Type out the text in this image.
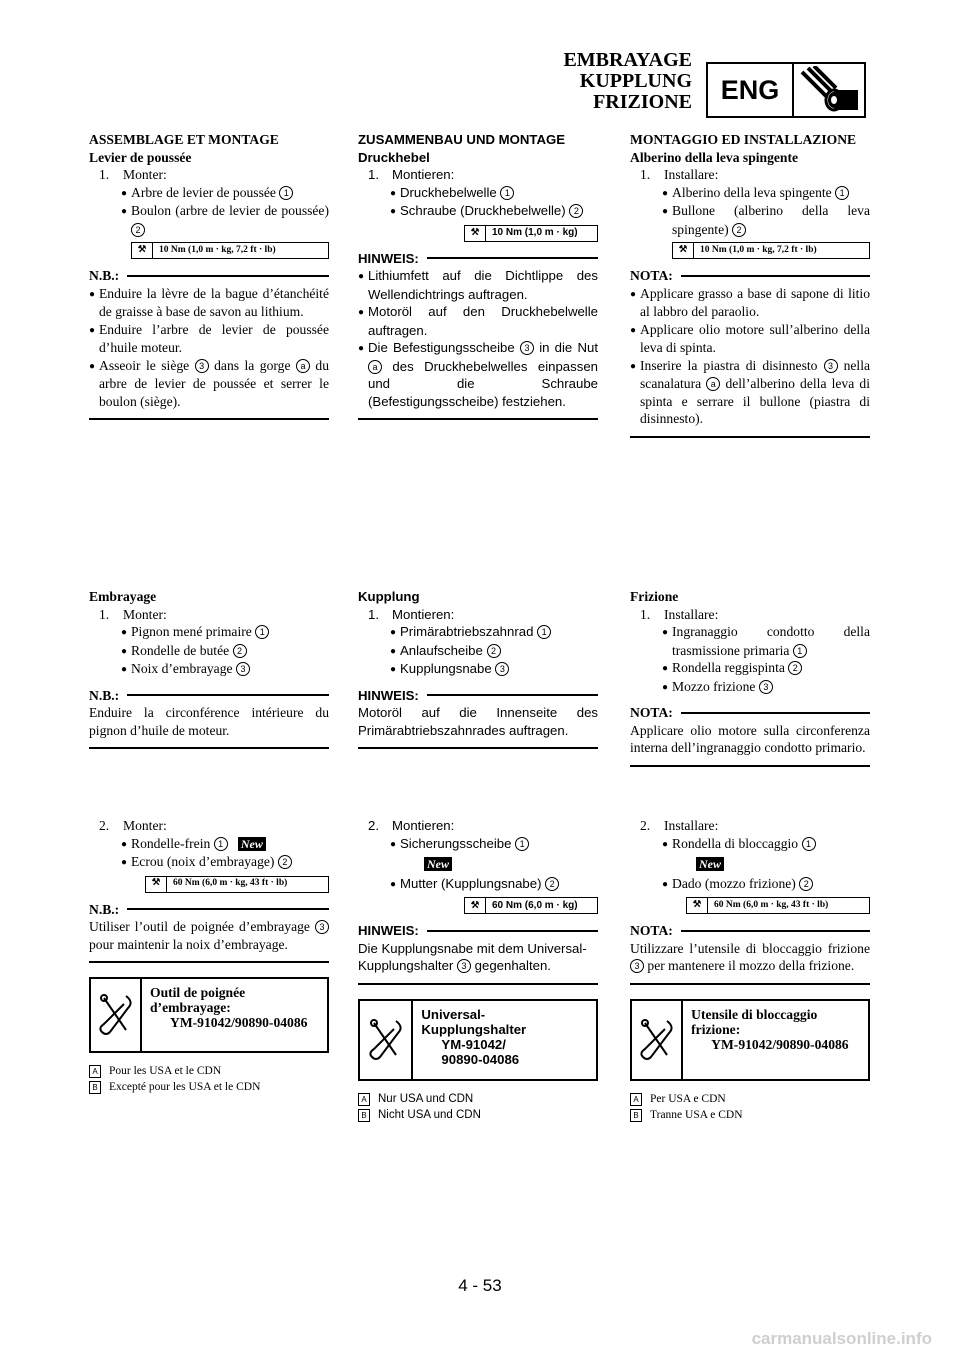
EMBRAYAGE
KUPPLUNG
FRIZIONE	ENG
ASSEMBLAGE ET MONTAGE
Levier de poussée
1. Monter:
● Arbre de levier de poussée 1
● Boulon (arbre de levier de poussée) 2
⚒	10 Nm (1,0 m · kg, 7,2 ft · lb)
N.B.:
● Enduire la lèvre de la bague d’étanchéité de graisse à base de savon au lithium.
● Enduire l’arbre de levier de poussée d’huile moteur.
● Asseoir le siège 3 dans la gorge a du arbre de levier de poussée et serrer le boulon (siège).
Embrayage
1. Monter:
● Pignon mené primaire 1
● Rondelle de butée 2
● Noix d’embrayage 3
N.B.:
Enduire la circonférence intérieure du pignon d’huile de moteur.
2. Monter:
● Rondelle-frein 1 New
● Ecrou (noix d’embrayage) 2
⚒	60 Nm (6,0 m · kg, 43 ft · lb)
N.B.:
Utiliser l’outil de poignée d’embrayage 3 pour maintenir la noix d’embrayage.
Outil de poignée d’embrayage:
YM-91042/90890-04086
A Pour les USA et le CDN
B Excepté pour les USA et le CDN
ZUSAMMENBAU UND MONTAGE
Druckhebel
1. Montieren:
● Druckhebelwelle 1
● Schraube (Druckhebelwelle) 2
⚒	10 Nm (1,0 m · kg)
HINWEIS:
● Lithiumfett auf die Dichtlippe des Wellendichtrings auftragen.
● Motoröl auf den Druckhebelwelle auftragen.
● Die Befestigungsscheibe 3 in die Nut a des Druckhebelwelles einpassen und die Schraube (Befestigungsscheibe) festziehen.
Kupplung
1. Montieren:
● Primärabtriebszahnrad 1
● Anlaufscheibe 2
● Kupplungsnabe 3
HINWEIS:
Motoröl auf die Innenseite des Primärabtriebszahnrades auftragen.
2. Montieren:
● Sicherungsscheibe 1
New
● Mutter (Kupplungsnabe) 2
⚒	60 Nm (6,0 m · kg)
HINWEIS:
Die Kupplungsnabe mit dem Universal-Kupplungshalter 3 gegenhalten.
Universal-Kupplungshalter
YM-91042/
90890-04086
A Nur USA und CDN
B Nicht USA und CDN
MONTAGGIO ED INSTALLAZIONE
Alberino della leva spingente
1. Installare:
● Alberino della leva spingente 1
● Bullone (alberino della leva spingente) 2
⚒	10 Nm (1,0 m · kg, 7,2 ft · lb)
NOTA:
● Applicare grasso a base di sapone di litio al labbro del paraolio.
● Applicare olio motore sull’alberino della leva di spinta.
● Inserire la piastra di disinnesto 3 nella scanalatura a dell’alberino della leva di spinta e serrare il bullone (piastra di disinnesto).
Frizione
1. Installare:
● Ingranaggio condotto della trasmissione primaria 1
● Rondella reggispinta 2
● Mozzo frizione 3
NOTA:
Applicare olio motore sulla circonferenza interna dell’ingranaggio condotto primario.
2. Installare:
● Rondella di bloccaggio 1
New
● Dado (mozzo frizione) 2
⚒	60 Nm (6,0 m · kg, 43 ft · lb)
NOTA:
Utilizzare l’utensile di bloccaggio frizione 3 per mantenere il mozzo della frizione.
Utensile di bloccaggio frizione:
YM-91042/90890-04086
A Per USA e CDN
B Tranne USA e CDN
4 - 53
carmanualsonline.info
